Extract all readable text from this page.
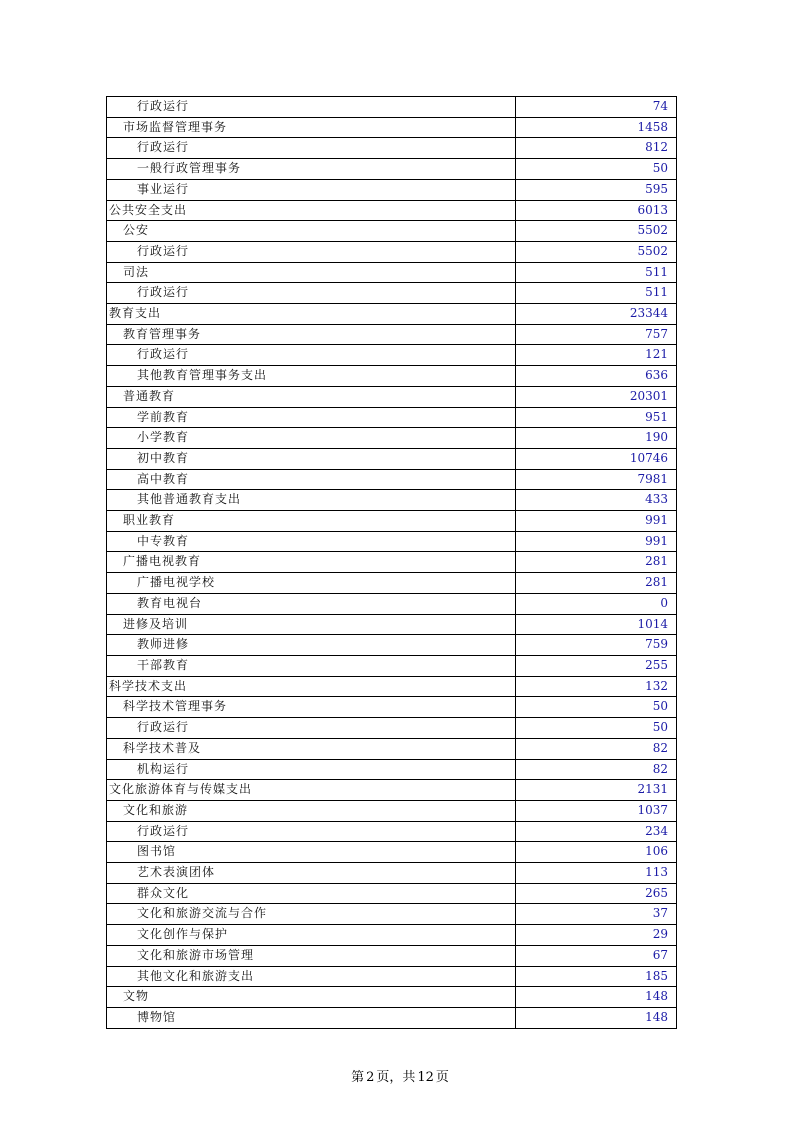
行政运行	74
市场监督管理事务	1458
行政运行	812
一般行政管理事务	50
事业运行	595
公共安全支出	6013
公安	5502
行政运行	5502
司法	511
行政运行	511
教育支出	23344
教育管理事务	757
行政运行	121
其他教育管理事务支出	636
普通教育	20301
学前教育	951
小学教育	190
初中教育	10746
高中教育	7981
其他普通教育支出	433
职业教育	991
中专教育	991
广播电视教育	281
广播电视学校	281
教育电视台	0
进修及培训	1014
教师进修	759
干部教育	255
科学技术支出	132
科学技术管理事务	50
行政运行	50
科学技术普及	82
机构运行	82
文化旅游体育与传媒支出	2131
文化和旅游	1037
行政运行	234
图书馆	106
艺术表演团体	113
群众文化	265
文化和旅游交流与合作	37
文化创作与保护	29
文化和旅游市场管理	67
其他文化和旅游支出	185
文物	148
博物馆	148
第 2 页，共 12 页
